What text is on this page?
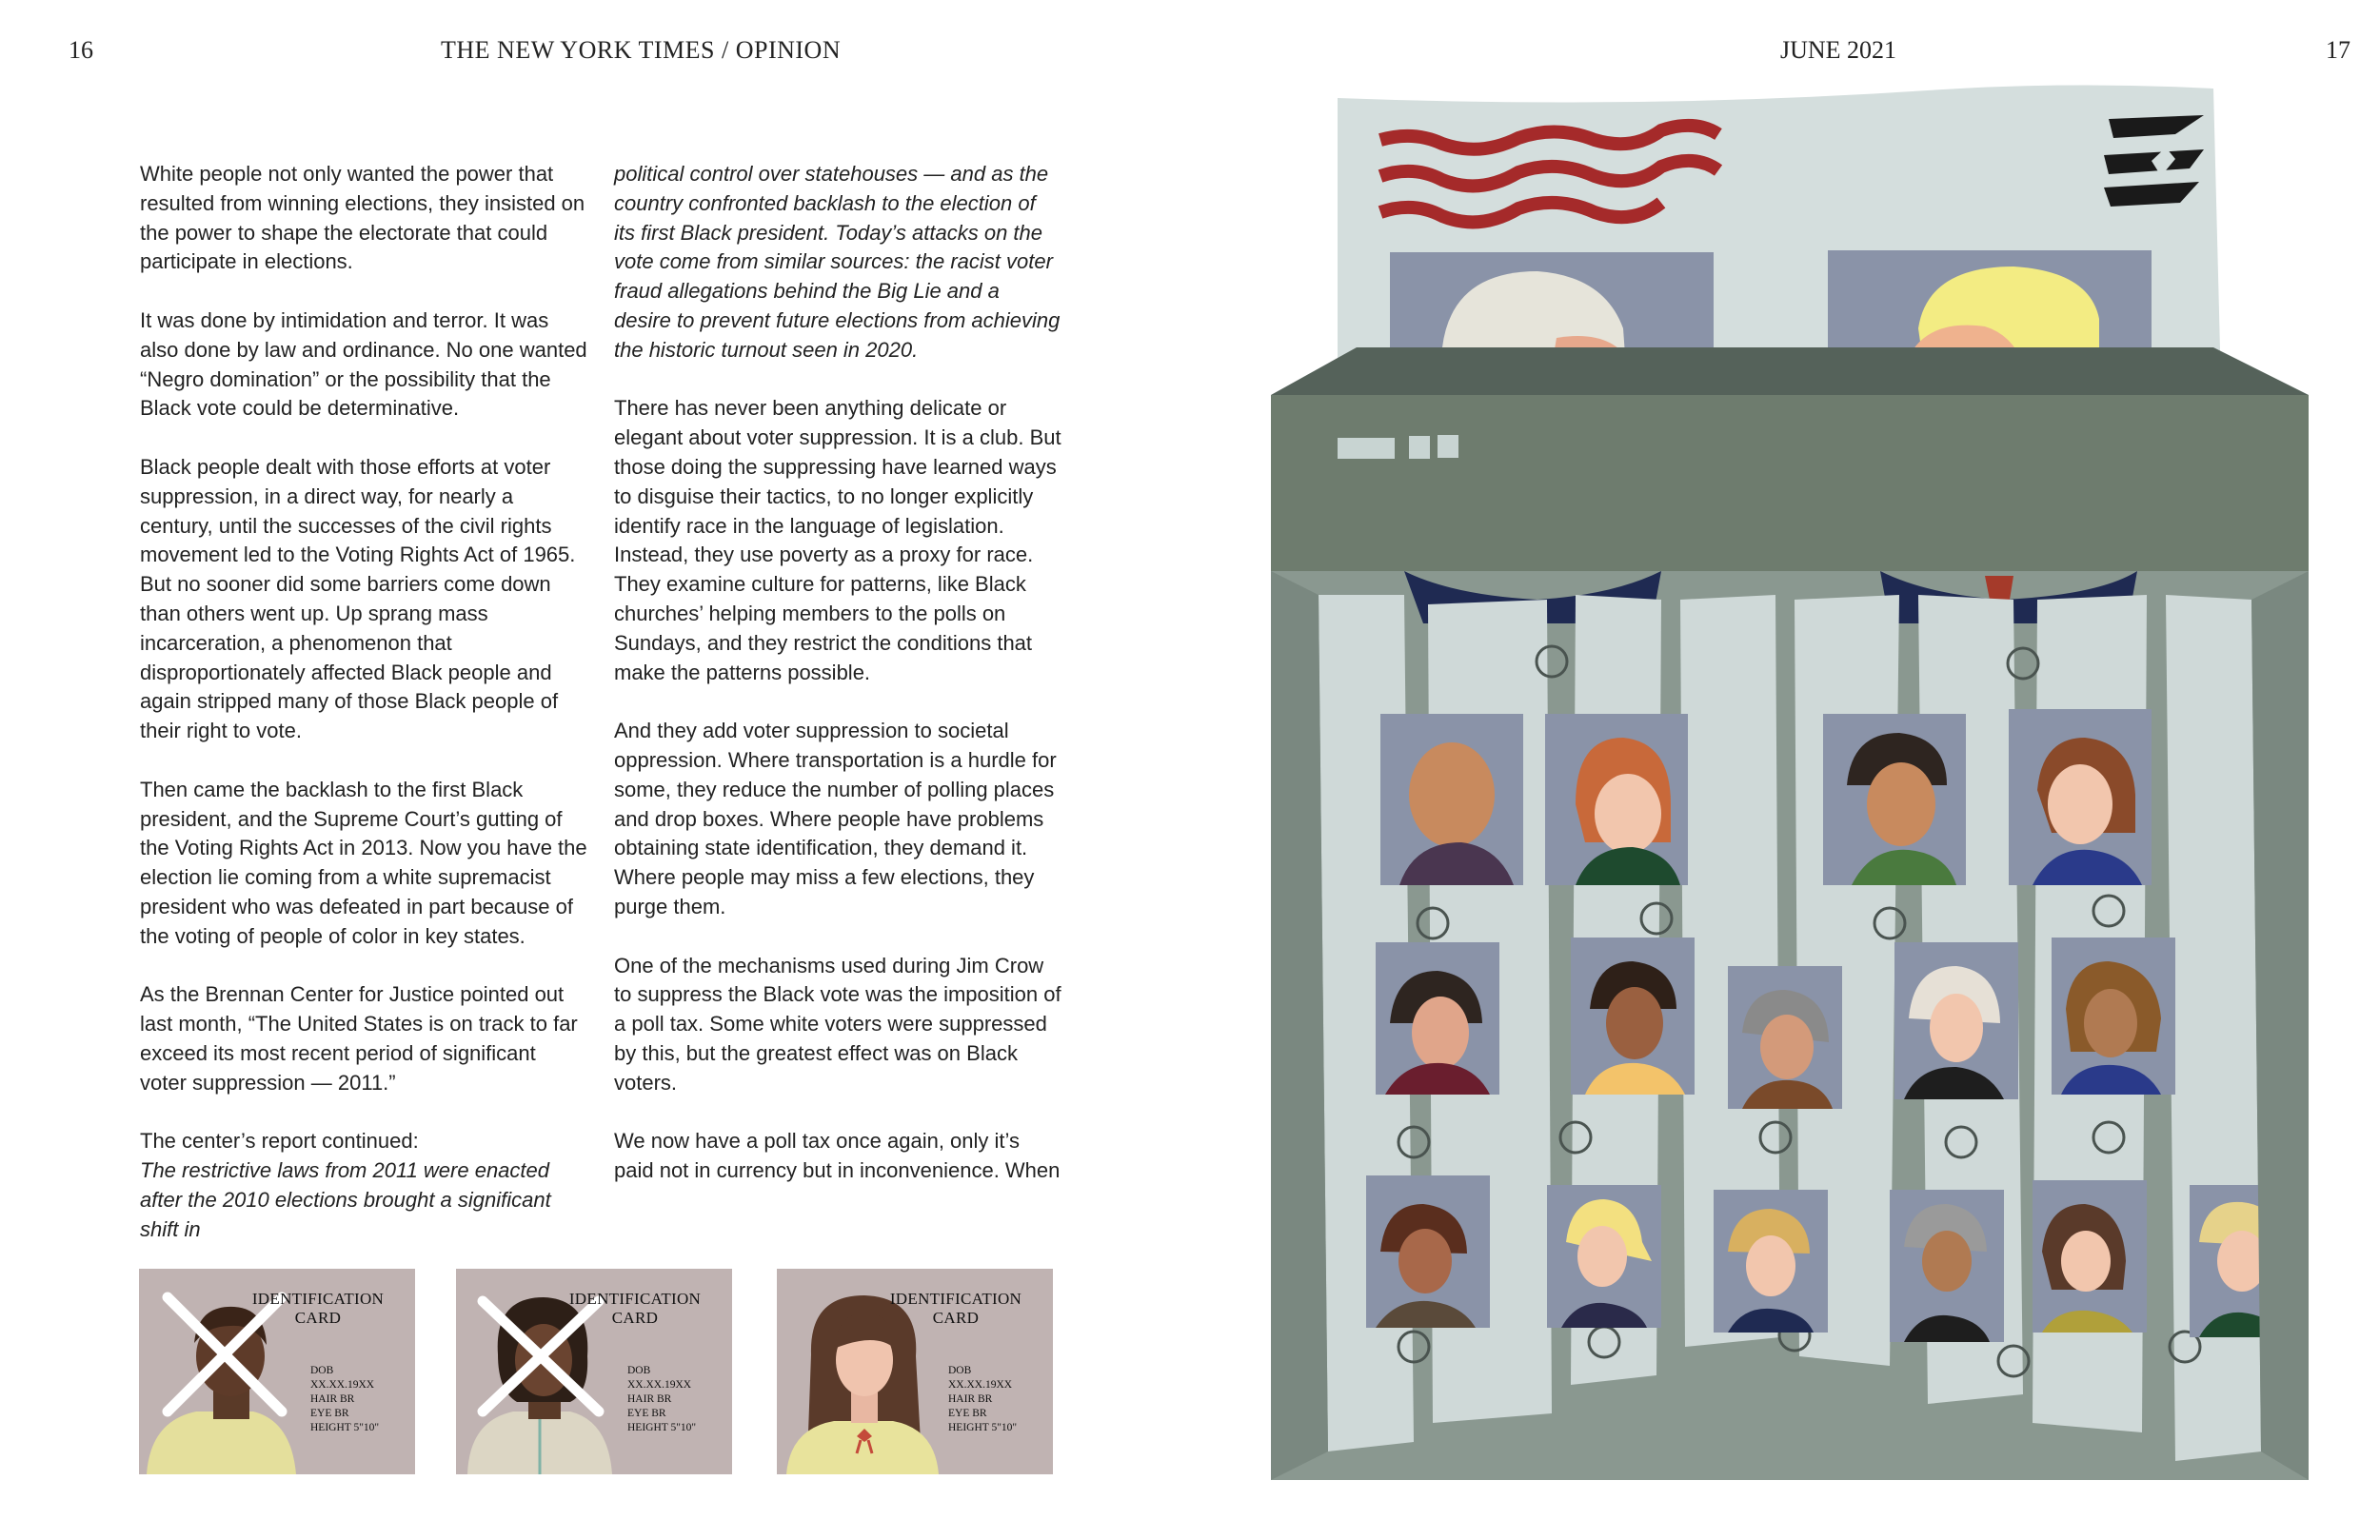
16	THE NEW YORK TIMES / OPINION	JUNE 2021	17

White people not only wanted the power that resulted from winning elections, they insisted on the power to shape the electorate that could participate in elections.

It was done by intimidation and terror. It was also done by law and ordinance. No one wanted “Negro domination” or the possibility that the Black vote could be determinative.

Black people dealt with those efforts at voter suppression, in a direct way, for nearly a century, until the successes of the civil rights movement led to the Voting Rights Act of 1965. But no sooner did some barriers come down than others went up. Up sprang mass incarceration, a phenomenon that disproportionately affected Black people and again stripped many of those Black people of their right to vote.

Then came the backlash to the first Black president, and the Supreme Court’s gutting of the Voting Rights Act in 2013. Now you have the election lie coming from a white supremacist president who was defeated in part because of the voting of people of color in key states.

As the Brennan Center for Justice pointed out last month, “The United States is on track to far exceed its most recent period of significant voter suppression — 2011.”

The center’s report continued:

The restrictive laws from 2011 were enacted after the 2010 elections brought a significant shift in

political control over statehouses — and as the country confronted backlash to the election of its first Black president. Today’s attacks on the vote come from similar sources: the racist voter fraud allegations behind the Big Lie and a desire to prevent future elections from achieving the historic turnout seen in 2020.

There has never been anything delicate or elegant about voter suppression. It is a club. But those doing the suppressing have learned ways to disguise their tactics, to no longer explicitly identify race in the language of legislation. Instead, they use poverty as a proxy for race. They examine culture for patterns, like Black churches’ helping members to the polls on Sundays, and they restrict the conditions that make the patterns possible.

And they add voter suppression to societal oppression. Where transportation is a hurdle for some, they reduce the number of polling places and drop boxes. Where people have problems obtaining state identification, they demand it. Where people may miss a few elections, they purge them.

One of the mechanisms used during Jim Crow to suppress the Black vote was the imposition of a poll tax. Some white voters were suppressed by this, but the greatest effect was on Black voters.

We now have a poll tax once again, only it’s paid not in currency but in inconvenience. When

IDENTIFICATION
CARD
DOB
XX.XX.19XX
HAIR BR
EYE BR
HEIGHT 5"10"
IDENTIFICATION
CARD
DOB
XX.XX.19XX
HAIR BR
EYE BR
HEIGHT 5"10"
IDENTIFICATION
CARD
DOB
XX.XX.19XX
HAIR BR
EYE BR
HEIGHT 5"10"
